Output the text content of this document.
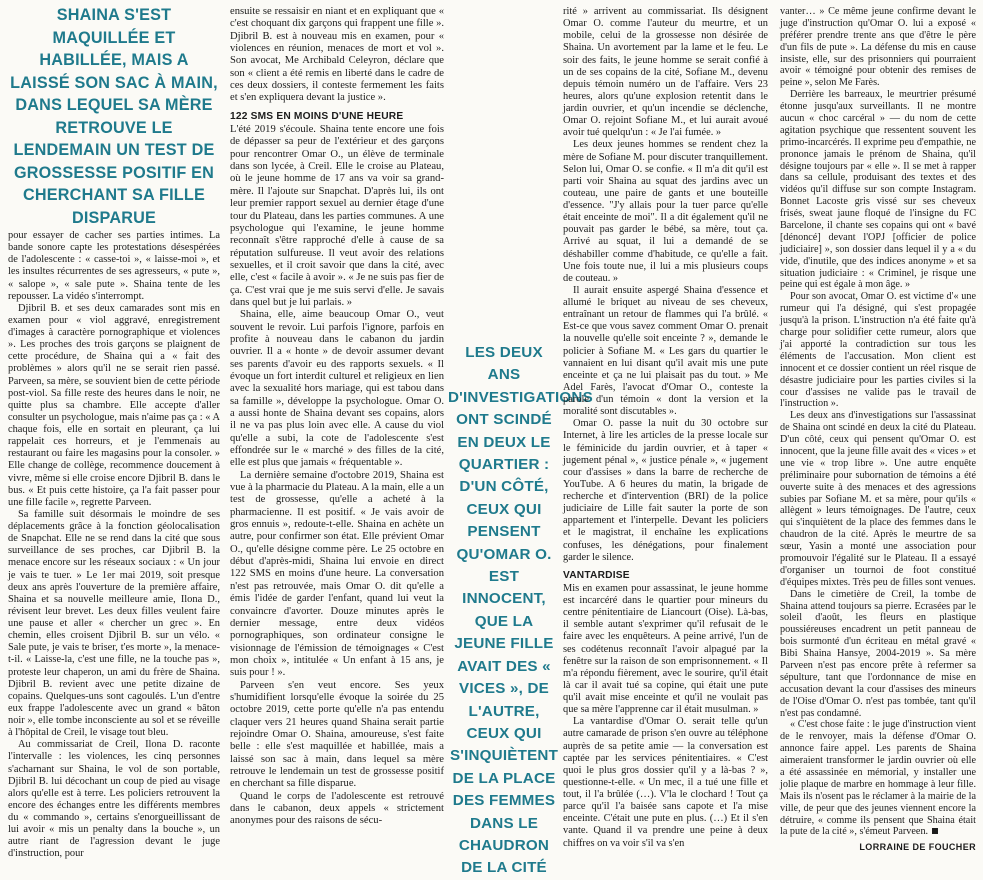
SHAINA S'EST MAQUILLÉE ET HABILLÉE, MAIS A LAISSÉ SON SAC À MAIN, DANS LEQUEL SA MÈRE RETROUVE LE LENDEMAIN UN TEST DE GROSSESSE POSITIF EN CHERCHANT SA FILLE DISPARUE

pour essayer de cacher ses parties intimes. La bande sonore capte les protestations désespérées de l'adolescente : « casse-toi », « laisse-moi », et les insultes récurrentes de ses agresseurs, « pute », « salope », « sale pute ». Shaina tente de les repousser. La vidéo s'interrompt.

Djibril B. et ses deux camarades sont mis en examen pour « viol aggravé, enregistrement d'images à caractère pornographique et violences ». Les proches des trois garçons se plaignent de cette procédure, de Shaina qui a « fait des problèmes » alors qu'il ne se serait rien passé. Parveen, sa mère, se souvient bien de cette période post-viol. Sa fille reste des heures dans le noir, ne quitte plus sa chambre. Elle accepte d'aller consulter un psychologue, mais n'aime pas ça : « A chaque fois, elle en sortait en pleurant, ça lui rappelait ces horreurs, et je l'emmenais au restaurant ou faire les magasins pour la consoler. » Elle change de collège, recommence doucement à vivre, même si elle croise encore Djibril B. dans le bus. « Et puis cette histoire, ça l'a fait passer pour une fille facile », regrette Parveen.

Sa famille suit désormais le moindre de ses déplacements grâce à la fonction géolocalisation de Snapchat. Elle ne se rend dans la cité que sous surveillance de ses proches, car Djibril B. la menace encore sur les réseaux sociaux : « Un jour je vais te tuer. » Le 1er mai 2019, soit presque deux ans après l'ouverture de la première affaire, Shaina et sa nouvelle meilleure amie, Ilona D., révisent leur brevet. Les deux filles veulent faire une pause et aller « chercher un grec ». En chemin, elles croisent Djibril B. sur un vélo. « Sale pute, je vais te briser, t'es morte », la menace-t-il. « Laisse-la, c'est une fille, ne la touche pas », proteste leur chaperon, un ami du frère de Shaina. Djibril B. revient avec une petite dizaine de copains. Quelques-uns sont cagoulés. L'un d'entre eux frappe l'adolescente avec un grand « bâton noir », elle tombe inconsciente au sol et se réveille à l'hôpital de Creil, le visage tout bleu.

Au commissariat de Creil, Ilona D. raconte l'intervalle : les violences, les cinq personnes s'acharnant sur Shaina, le vol de son portable, Djibril B. lui décochant un coup de pied au visage alors qu'elle est à terre. Les policiers retrouvent la encore des échanges entre les différents membres du « commando », certains s'enorgueillissant de lui avoir « mis un penalty dans la bouche », un autre riant de l'agression devant le juge d'instruction, pour

ensuite se ressaisir en niant et en expliquant que « c'est choquant dix garçons qui frappent une fille ». Djibril B. est à nouveau mis en examen, pour « violences en réunion, menaces de mort et vol ». Son avocat, Me Archibald Celeyron, déclare que son « client a été remis en liberté dans le cadre de ces deux dossiers, il conteste fermement les faits et s'en expliquera devant la justice ».

122 SMS EN MOINS D'UNE HEURE

L'été 2019 s'écoule. Shaina tente encore une fois de dépasser sa peur de l'extérieur et des garçons pour rencontrer Omar O., un élève de terminale dans son lycée, à Creil. Elle le croise au Plateau, où le jeune homme de 17 ans va voir sa grand-mère. Il l'ajoute sur Snapchat. D'après lui, ils ont leur premier rapport sexuel au dernier étage d'une tour du Plateau, dans les parties communes. A une psychologue qui l'examine, le jeune homme reconnaît s'être rapproché d'elle à cause de sa réputation sulfureuse. Il veut avoir des relations sexuelles, et il croit savoir que dans la cité, avec elle, c'est « facile à avoir ». « Je ne suis pas fier de ça. C'est vrai que je me suis servi d'elle. Je savais dans quel but je lui parlais. »

Shaina, elle, aime beaucoup Omar O., veut souvent le revoir. Lui parfois l'ignore, parfois en profite à nouveau dans le cabanon du jardin ouvrier. Il a « honte » de devoir assumer devant ses parents d'avoir eu des rapports sexuels. « Il évoque un fort interdit culturel et religieux en lien avec la sexualité hors mariage, qui est tabou dans sa famille », développe la psychologue. Omar O. a aussi honte de Shaina devant ses copains, alors il ne va pas plus loin avec elle. A cause du viol qu'elle a subi, la cote de l'adolescente s'est effondrée sur le « marché » des filles de la cité, elle est plus que jamais « fréquentable ».

La dernière semaine d'octobre 2019, Shaina est vue à la pharmacie du Plateau. A la main, elle a un test de grossesse, qu'elle a acheté à la pharmacienne. Il est positif. « Je vais avoir de gros ennuis », redoute-t-elle. Shaina en achète un autre, pour confirmer son état. Elle prévient Omar O., qu'elle désigne comme père. Le 25 octobre en début d'après-midi, Shaina lui envoie en direct 122 SMS en moins d'une heure. La conversation n'est pas retrouvée, mais Omar O. dit qu'elle a émis l'idée de garder l'enfant, quand lui veut la convaincre d'avorter. Douze minutes après le dernier message, entre deux vidéos pornographiques, son ordinateur consigne le visionnage de l'émission de témoignages « C'est mon choix », intitulée « Un enfant à 15 ans, je suis pour ! ».

Parveen s'en veut encore. Ses yeux s'humidifient lorsqu'elle évoque la soirée du 25 octobre 2019, cette porte qu'elle n'a pas entendu claquer vers 21 heures quand Shaina serait partie rejoindre Omar O. Shaina, amoureuse, s'est faite belle : elle s'est maquillée et habillée, mais a laissé son sac à main, dans lequel sa mère retrouve le lendemain un test de grossesse positif en cherchant sa fille disparue.

Quand le corps de l'adolescente est retrouvé dans le cabanon, deux appels « strictement anonymes pour des raisons de sécu-

LES DEUX ANS D'INVESTIGATIONS ONT SCINDÉ EN DEUX LE QUARTIER : D'UN CÔTÉ, CEUX QUI PENSENT QU'OMAR O. EST INNOCENT, QUE LA JEUNE FILLE AVAIT DES « VICES », DE L'AUTRE, CEUX QUI S'INQUIÈTENT DE LA PLACE DES FEMMES DANS LE CHAUDRON DE LA CITÉ

rité » arrivent au commissariat. Ils désignent Omar O. comme l'auteur du meurtre, et un mobile, celui de la grossesse non désirée de Shaina. Un avortement par la lame et le feu. Le soir des faits, le jeune homme se serait confié à un de ses copains de la cité, Sofiane M., devenu depuis témoin numéro un de l'affaire. Vers 23 heures, alors qu'une explosion retentit dans le jardin ouvrier, et qu'un incendie se déclenche, Omar O. rejoint Sofiane M., et lui aurait avoué avoir tué quelqu'un : « Je l'ai fumée. »

Les deux jeunes hommes se rendent chez la mère de Sofiane M. pour discuter tranquillement. Selon lui, Omar O. se confie. « Il m'a dit qu'il est parti voir Shaina au squat des jardins avec un couteau, une paire de gants et une bouteille d'essence. "J'y allais pour la tuer parce qu'elle était enceinte de moi". Il a dit également qu'il ne pouvait pas garder le bébé, sa mère, tout ça. Arrivé au squat, il lui a demandé de se déshabiller comme d'habitude, ce qu'elle a fait. Une fois toute nue, il lui a mis plusieurs coups de couteau. »

Il aurait ensuite aspergé Shaina d'essence et allumé le briquet au niveau de ses cheveux, entraînant un retour de flammes qui l'a brûlé. « Est-ce que vous savez comment Omar O. prenait la nouvelle qu'elle soit enceinte ? », demande le policier à Sofiane M. « Les gars du quartier le vannaient en lui disant qu'il avait mis une pute enceinte et ça ne lui plaisait pas du tout. » Me Adel Farès, l'avocat d'Omar O., conteste la parole d'un témoin « dont la version et la moralité sont discutables ».

Omar O. passe la nuit du 30 octobre sur Internet, à lire les articles de la presse locale sur le féminicide du jardin ouvrier, et à taper « jugement pénal », « justice pénale », « jugement cour d'assises » dans la barre de recherche de YouTube. A 6 heures du matin, la brigade de recherche et d'intervention (BRI) de la police judiciaire de Lille fait sauter la porte de son appartement et l'interpelle. Devant les policiers et le magistrat, il enchaîne les explications confuses, les dénégations, pour finalement garder le silence.

VANTARDISE

Mis en examen pour assassinat, le jeune homme est incarcéré dans le quartier pour mineurs du centre pénitentiaire de Liancourt (Oise). Là-bas, il semble autant s'exprimer qu'il refusait de le faire avec les enquêteurs. A peine arrivé, l'un de ses codétenus reconnaît l'avoir alpagué par la fenêtre sur la raison de son emprisonnement. « Il m'a répondu fièrement, avec le sourire, qu'il était là car il avait tué sa copine, qui était une pute qu'il avait mise enceinte et qu'il ne voulait pas que sa mère l'apprenne car il était musulman. »

La vantardise d'Omar O. serait telle qu'un autre camarade de prison s'en ouvre au téléphone auprès de sa petite amie — la conversation est captée par les services pénitentiaires. « C'est quoi le plus gros dossier qu'il y a là-bas ? », questionne-t-elle. « Un mec, il a tué une fille et tout, il l'a brûlée (…). V'la le clochard ! Tout ça parce qu'il l'a baisée sans capote et l'a mise enceinte. C'était une pute en plus. (…) Et il s'en vante. Quand il va prendre une peine à deux chiffres on va voir s'il va s'en

vanter… » Ce même jeune confirme devant le juge d'instruction qu'Omar O. lui a exposé « préférer prendre trente ans que d'être le père d'un fils de pute ». La défense du mis en cause insiste, elle, sur des prisonniers qui pourraient avoir « témoigné pour obtenir des remises de peine », selon Me Farès.

Derrière les barreaux, le meurtrier présumé étonne jusqu'aux surveillants. Il ne montre aucun « choc carcéral » — du nom de cette agitation psychique que ressentent souvent les primo-incarcérés. Il exprime peu d'empathie, ne prononce jamais le prénom de Shaina, qu'il désigne toujours par « elle ». Il se met à rapper dans sa cellule, produisant des textes et des vidéos qu'il diffuse sur son compte Instagram. Bonnet Lacoste gris vissé sur ses cheveux frisés, sweat jaune floqué de l'insigne du FC Barcelone, il chante ses copains qui ont « bavé [dénoncé] devant l'OPJ [officier de police judiciaire] », son dossier dans lequel il y a « du vide, d'inutile, que des indices anonyme » et sa situation judiciaire : « Criminel, je risque une peine qui est égale à mon âge. »

Pour son avocat, Omar O. est victime d'« une rumeur qui l'a désigné, qui s'est propagée jusqu'à la prison. L'instruction n'a été faite qu'à charge pour solidifier cette rumeur, alors que j'ai apporté la contradiction sur tous les éléments de l'accusation. Mon client est innocent et ce dossier contient un réel risque de désastre judiciaire pour les parties civiles si la cour d'assises ne valide pas le travail de l'instruction ».

Les deux ans d'investigations sur l'assassinat de Shaina ont scindé en deux la cité du Plateau. D'un côté, ceux qui pensent qu'Omar O. est innocent, que la jeune fille avait des « vices » et une vie « trop libre ». Une autre enquête préliminaire pour subornation de témoins a été ouverte suite à des menaces et des agressions subies par Sofiane M. et sa mère, pour qu'ils « allègent » leurs témoignages. De l'autre, ceux qui s'inquiètent de la place des femmes dans le chaudron de la cité. Après le meurtre de sa sœur, Yasin a monté une association pour promouvoir l'égalité sur le Plateau. Il a essayé d'organiser un tournoi de foot constitué d'équipes mixtes. Très peu de filles sont venues.

Dans le cimetière de Creil, la tombe de Shaina attend toujours sa pierre. Ecrasées par le soleil d'août, les fleurs en plastique poussiéreuses encadrent un petit panneau de bois surmonté d'un écriteau en métal gravé « Bibi Shaina Hansye, 2004-2019 ». Sa mère Parveen n'est pas encore prête à refermer sa sépulture, tant que l'ordonnance de mise en accusation devant la cour d'assises des mineurs de l'Oise d'Omar O. n'est pas tombée, tant qu'il n'est pas condamné.

« C'est chose faite : le juge d'instruction vient de le renvoyer, mais la défense d'Omar O. annonce faire appel. Les parents de Shaina aimeraient transformer le jardin ouvrier où elle a été assassinée en mémorial, y installer une jolie plaque de marbre en hommage à leur fille. Mais ils n'osent pas le réclamer à la mairie de la ville, de peur que des jeunes viennent encore la détruire, « comme ils pensent que Shaina était la pute de la cité », s'émeut Parveen.

LORRAINE DE FOUCHER
